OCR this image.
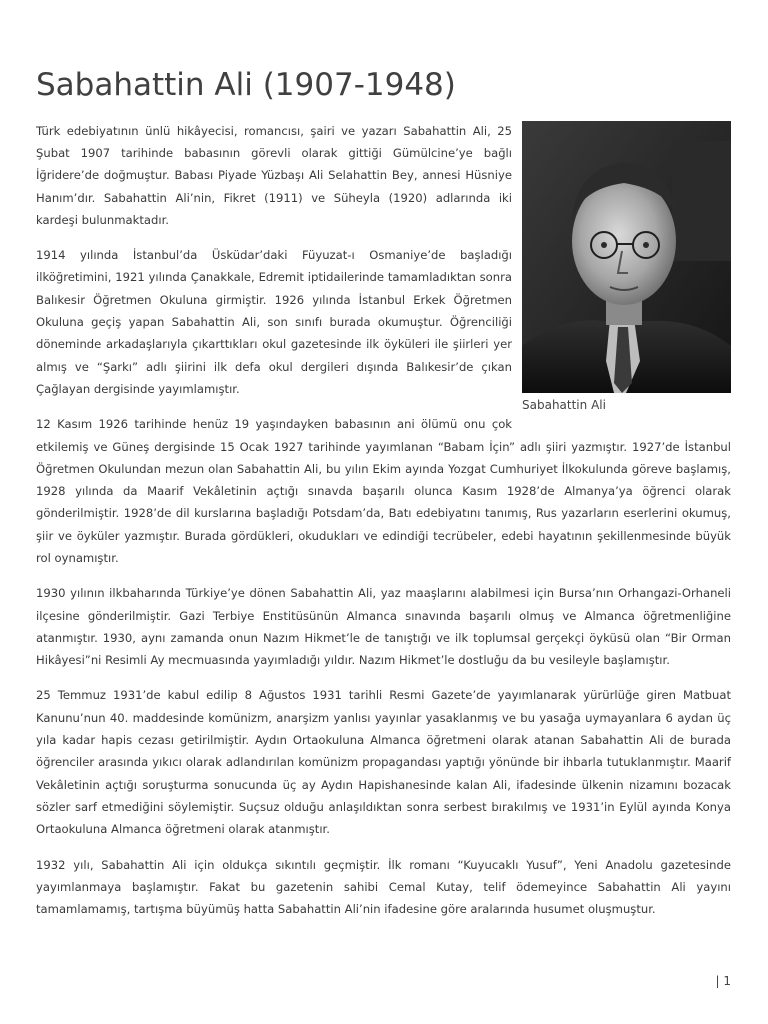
Sabahattin Ali (1907-1948)
Sabahattin Ali

Türk edebiyatının ünlü hikâyecisi, romancısı, şairi ve yazarı Sabahattin Ali, 25 Şubat 1907 tarihinde babasının görevli olarak gittiği Gümülcine’ye bağlı İğridere’de doğmuştur. Babası Piyade Yüzbaşı Ali Selahattin Bey, annesi Hüsniye Hanım’dır. Sabahattin Ali’nin, Fikret (1911) ve Süheyla (1920) adlarında iki kardeşi bulunmaktadır.

1914 yılında İstanbul’da Üsküdar’daki Füyuzat-ı Osmaniye’de başladığı ilköğretimini, 1921 yılında Çanakkale, Edremit iptidailerinde tamamladıktan sonra Balıkesir Öğretmen Okuluna girmiştir. 1926 yılında İstanbul Erkek Öğretmen Okuluna geçiş yapan Sabahattin Ali, son sınıfı burada okumuştur. Öğrenciliği döneminde arkadaşlarıyla çıkarttıkları okul gazetesinde ilk öyküleri ile şiirleri yer almış ve “Şarkı” adlı şiirini ilk defa okul dergileri dışında Balıkesir’de çıkan Çağlayan dergisinde yayımlamıştır.

12 Kasım 1926 tarihinde henüz 19 yaşındayken babasının ani ölümü onu çok etkilemiş ve Güneş dergisinde 15 Ocak 1927 tarihinde yayımlanan “Babam İçin” adlı şiiri yazmıştır. 1927’de İstanbul Öğretmen Okulundan mezun olan Sabahattin Ali, bu yılın Ekim ayında Yozgat Cumhuriyet İlkokulunda göreve başlamış, 1928 yılında da Maarif Vekâletinin açtığı sınavda başarılı olunca Kasım 1928’de Almanya’ya öğrenci olarak gönderilmiştir. 1928’de dil kurslarına başladığı Potsdam’da, Batı edebiyatını tanımış, Rus yazarların eserlerini okumuş, şiir ve öyküler yazmıştır. Burada gördükleri, okudukları ve edindiği tecrübeler, edebi hayatının şekillenmesinde büyük rol oynamıştır.

1930 yılının ilkbaharında Türkiye’ye dönen Sabahattin Ali, yaz maaşlarını alabilmesi için Bursa’nın Orhangazi-Orhaneli ilçesine gönderilmiştir. Gazi Terbiye Enstitüsünün Almanca sınavında başarılı olmuş ve Almanca öğretmenliğine atanmıştır. 1930, aynı zamanda onun Nazım Hikmet’le de tanıştığı ve ilk toplumsal gerçekçi öyküsü olan “Bir Orman Hikâyesi”ni Resimli Ay mecmuasında yayımladığı yıldır. Nazım Hikmet’le dostluğu da bu vesileyle başlamıştır.

25 Temmuz 1931’de kabul edilip 8 Ağustos 1931 tarihli Resmi Gazete’de yayımlanarak yürürlüğe giren Matbuat Kanunu’nun 40. maddesinde komünizm, anarşizm yanlısı yayınlar yasaklanmış ve bu yasağa uymayanlara 6 aydan üç yıla kadar hapis cezası getirilmiştir. Aydın Ortaokuluna Almanca öğretmeni olarak atanan Sabahattin Ali de burada öğrenciler arasında yıkıcı olarak adlandırılan komünizm propagandası yaptığı yönünde bir ihbarla tutuklanmıştır. Maarif Vekâletinin açtığı soruşturma sonucunda üç ay Aydın Hapishanesinde kalan Ali, ifadesinde ülkenin nizamını bozacak sözler sarf etmediğini söylemiştir. Suçsuz olduğu anlaşıldıktan sonra serbest bırakılmış ve 1931’in Eylül ayında Konya Ortaokuluna Almanca öğretmeni olarak atanmıştır.

1932 yılı, Sabahattin Ali için oldukça sıkıntılı geçmiştir. İlk romanı “Kuyucaklı Yusuf”, Yeni Anadolu gazetesinde yayımlanmaya başlamıştır. Fakat bu gazetenin sahibi Cemal Kutay, telif ödemeyince Sabahattin Ali yayını tamamlamamış, tartışma büyümüş hatta Sabahattin Ali’nin ifadesine göre aralarında husumet oluşmuştur.

| 1
